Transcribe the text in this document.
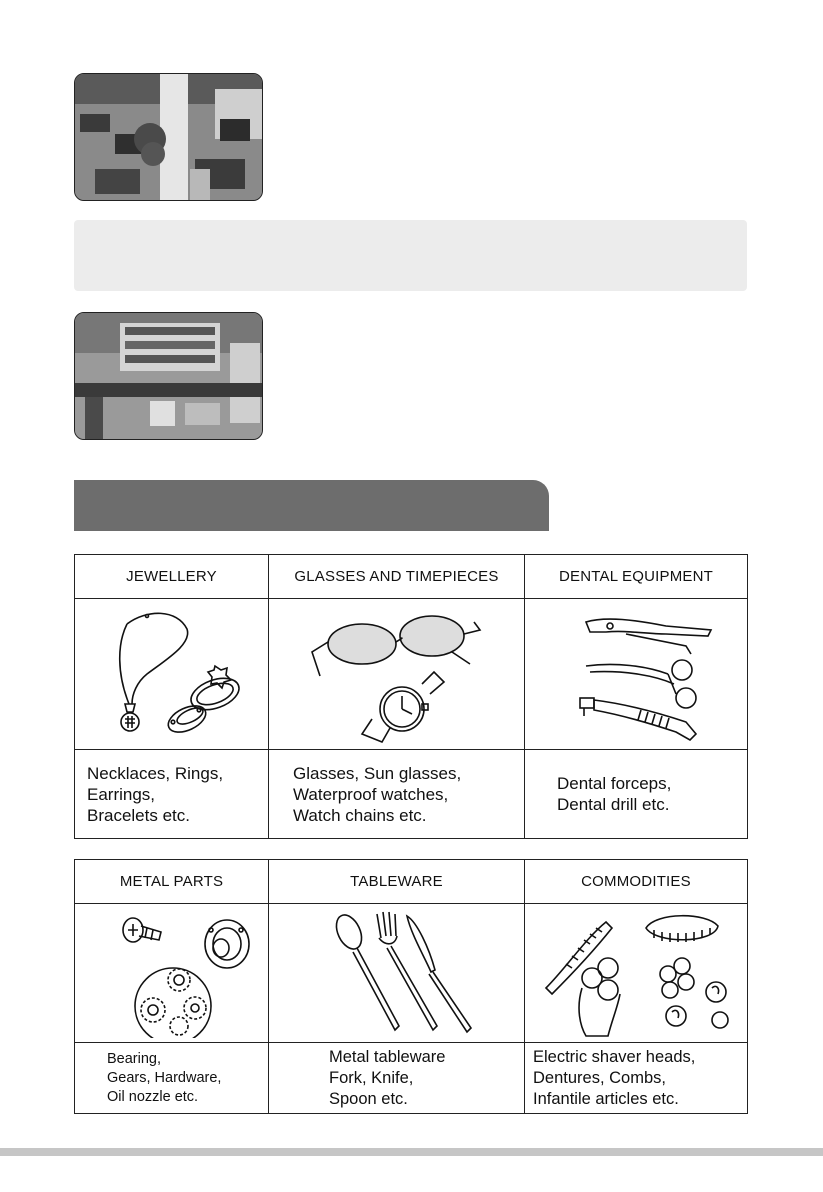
JEWELLERY	GLASSES AND TIMEPIECES	DENTAL EQUIPMENT

Necklaces, Rings,
Earrings,
Bracelets etc.	Glasses, Sun glasses,
Waterproof watches,
Watch chains etc.	Dental forceps,
Dental drill etc.
METAL PARTS	TABLEWARE	COMMODITIES

Bearing,
Gears, Hardware,
Oil nozzle etc.	Metal tableware
Fork, Knife,
Spoon etc.	Electric shaver heads,
Dentures, Combs,
Infantile articles etc.
